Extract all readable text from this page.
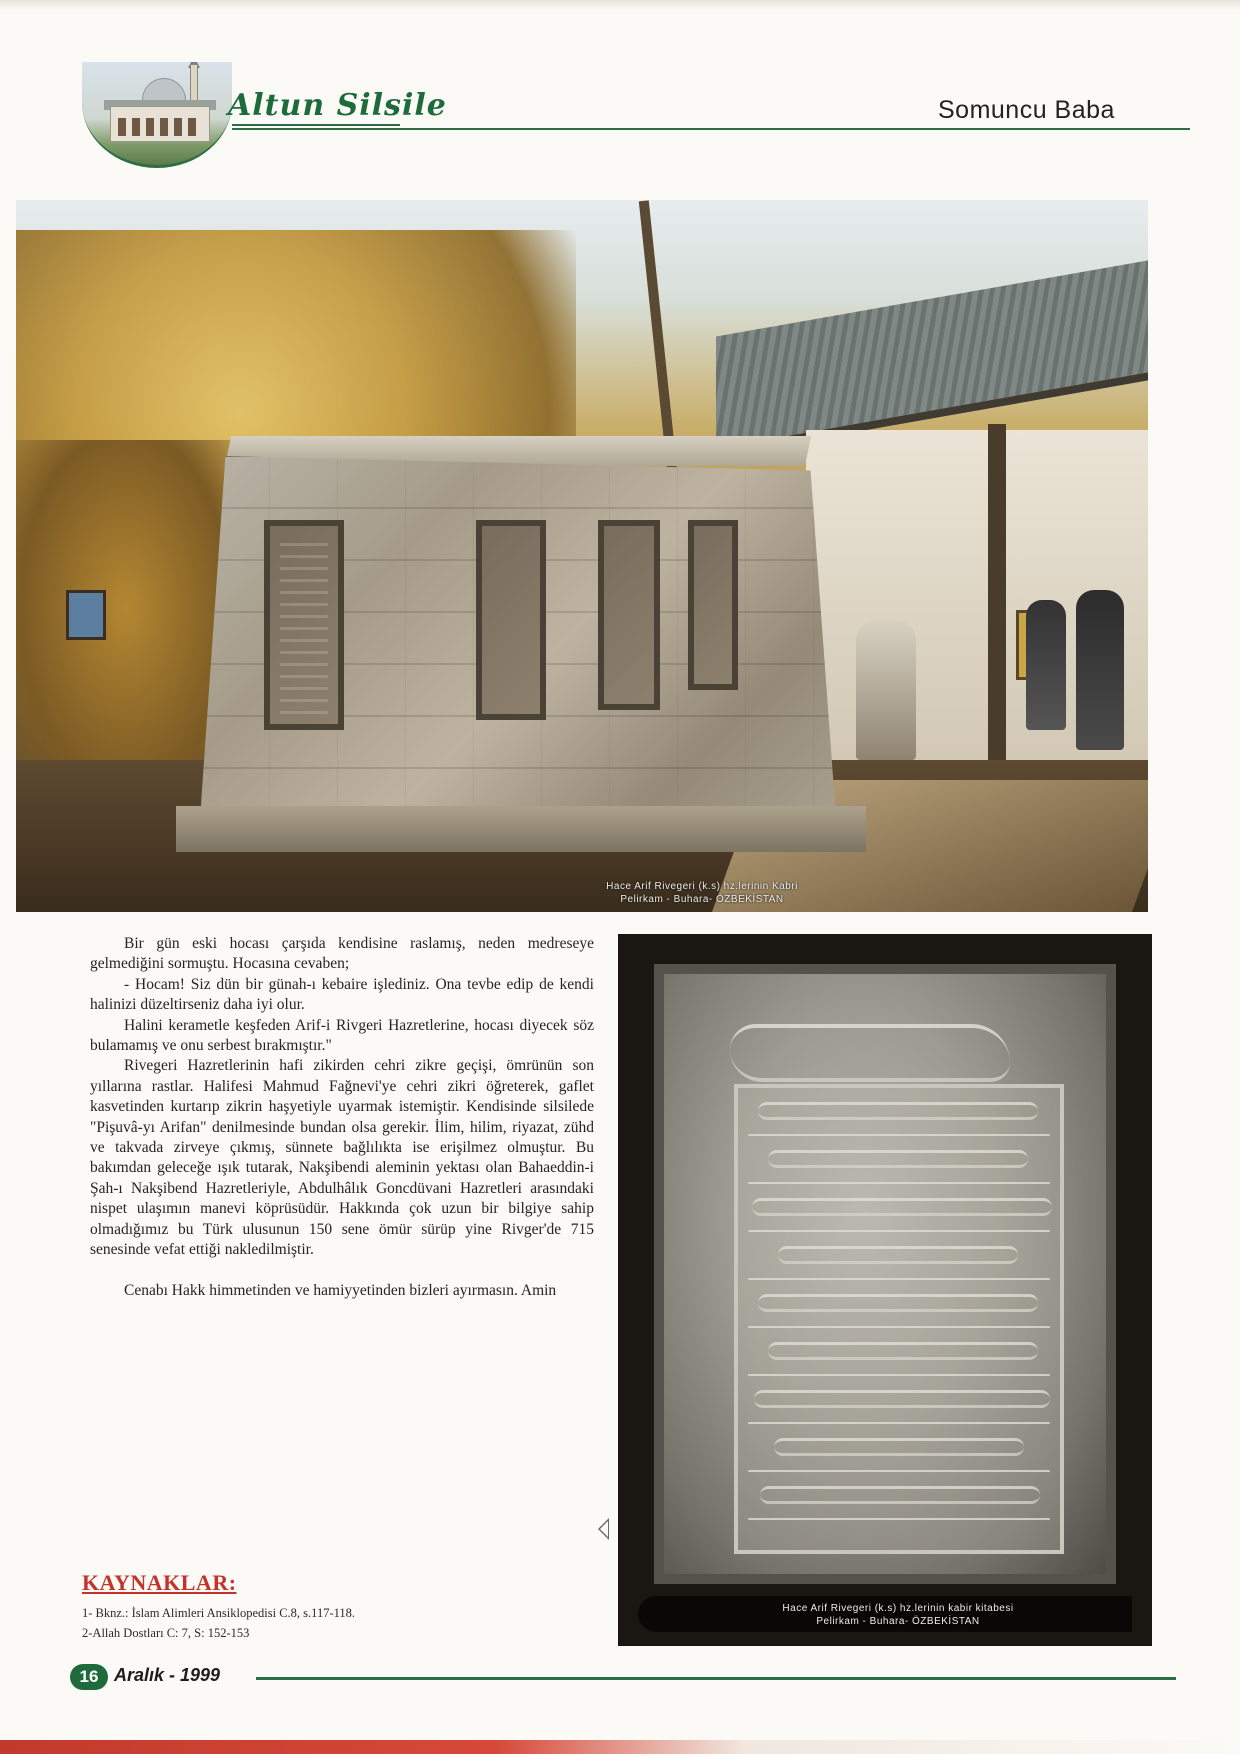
Altun Silsile	Somuncu Baba
Hace Arif Rivegeri (k.s) hz.lerinin Kabri
Pelirkam - Buhara- ÖZBEKİSTAN

Bir gün eski hocası çarşıda kendisine raslamış, neden medreseye gelmediğini sormuştu. Hocasına cevaben;

- Hocam! Siz dün bir günah-ı kebaire işlediniz. Ona tevbe edip de kendi halinizi düzeltirseniz daha iyi olur.

Halini kerametle keşfeden Arif-i Rivgeri Hazretlerine, hocası diyecek söz bulamamış ve onu serbest bırakmıştır."

Rivegeri Hazretlerinin hafi zikirden cehri zikre geçişi, ömrünün son yıllarına rastlar. Halifesi Mahmud Fağnevi'ye cehri zikri öğreterek, gaflet kasvetinden kurtarıp zikrin haşyetiyle uyarmak istemiştir. Kendisinde silsilede "Pişuvâ-yı Arifan" denilmesinde bundan olsa gerekir. İlim, hilim, riyazat, zühd ve takvada zirveye çıkmış, sünnete bağlılıkta ise erişilmez olmuştur. Bu bakımdan geleceğe ışık tutarak, Nakşibendi aleminin yektası olan Bahaeddin-i Şah-ı Nakşibend Hazretleriyle, Abdulhâlık Goncdüvani Hazretleri arasındaki nispet ulaşımın manevi köprüsüdür. Hakkında çok uzun bir bilgiye sahip olmadığımız bu Türk ulusunun 150 sene ömür sürüp yine Rivger'de 715 senesinde vefat ettiği nakledilmiştir.

Cenabı Hakk himmetinden ve hamiyyetinden bizleri ayırmasın. Amin

Hace Arif Rivegeri (k.s) hz.lerinin kabir kitabesi
Pelirkam - Buhara- ÖZBEKİSTAN
KAYNAKLAR:
1- Bknz.: İslam Alimleri Ansiklopedisi C.8, s.117-118.
2-Allah Dostları C: 7, S: 152-153
16 Aralık - 1999
